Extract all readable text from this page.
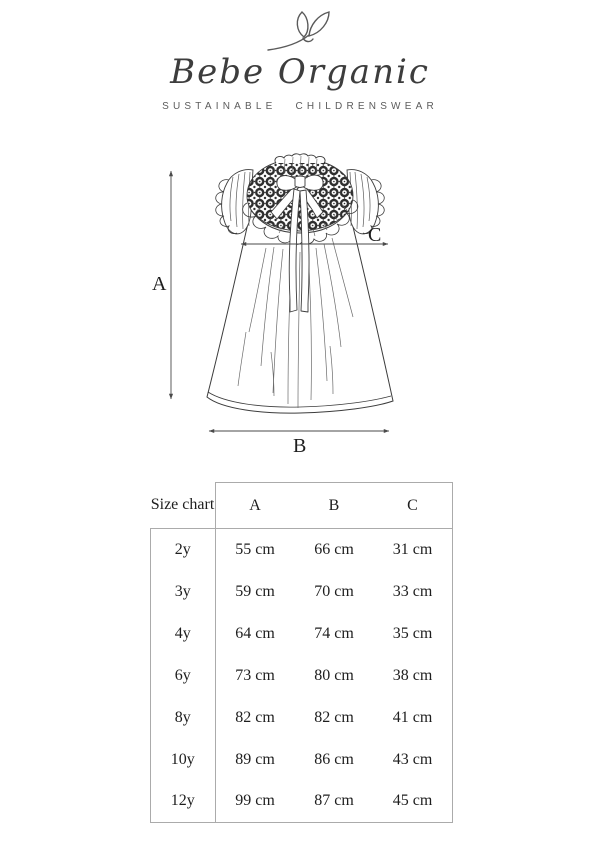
A
B
C
Bebe Organic
SUSTAINABLE CHILDRENSWEAR
Size chart	A	B	C
2y	55 cm	66 cm	31 cm
3y	59 cm	70 cm	33 cm
4y	64 cm	74 cm	35 cm
6y	73 cm	80 cm	38 cm
8y	82 cm	82 cm	41 cm
10y	89 cm	86 cm	43 cm
12y	99 cm	87 cm	45 cm
